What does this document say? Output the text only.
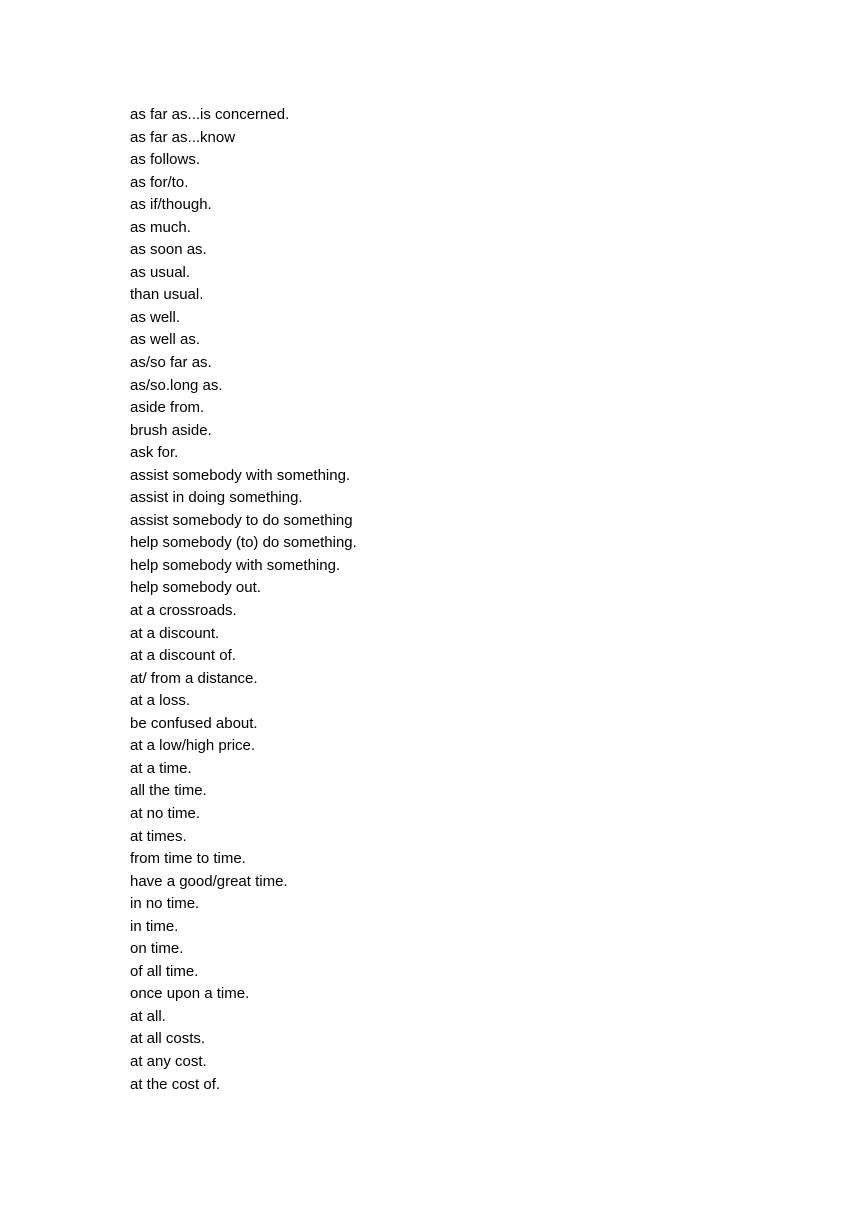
as far as...is concerned.
as far as...know
as follows.
as for/to.
as if/though.
as much.
as soon as.
as usual.
than usual.
as well.
as well as.
as/so far as.
as/so.long as.
aside from.
brush aside.
ask for.
assist somebody with something.
assist in doing something.
assist somebody to do something
help somebody (to) do something.
help somebody with something.
help somebody out.
at a crossroads.
at a discount.
at a discount of.
at/ from a distance.
at a loss.
be confused about.
at a low/high price.
at a time.
all the time.
at no time.
at times.
from time to time.
have a good/great time.
in no time.
in time.
on time.
of all time.
once upon a time.
at all.
at all costs.
at any cost.
at the cost of.
